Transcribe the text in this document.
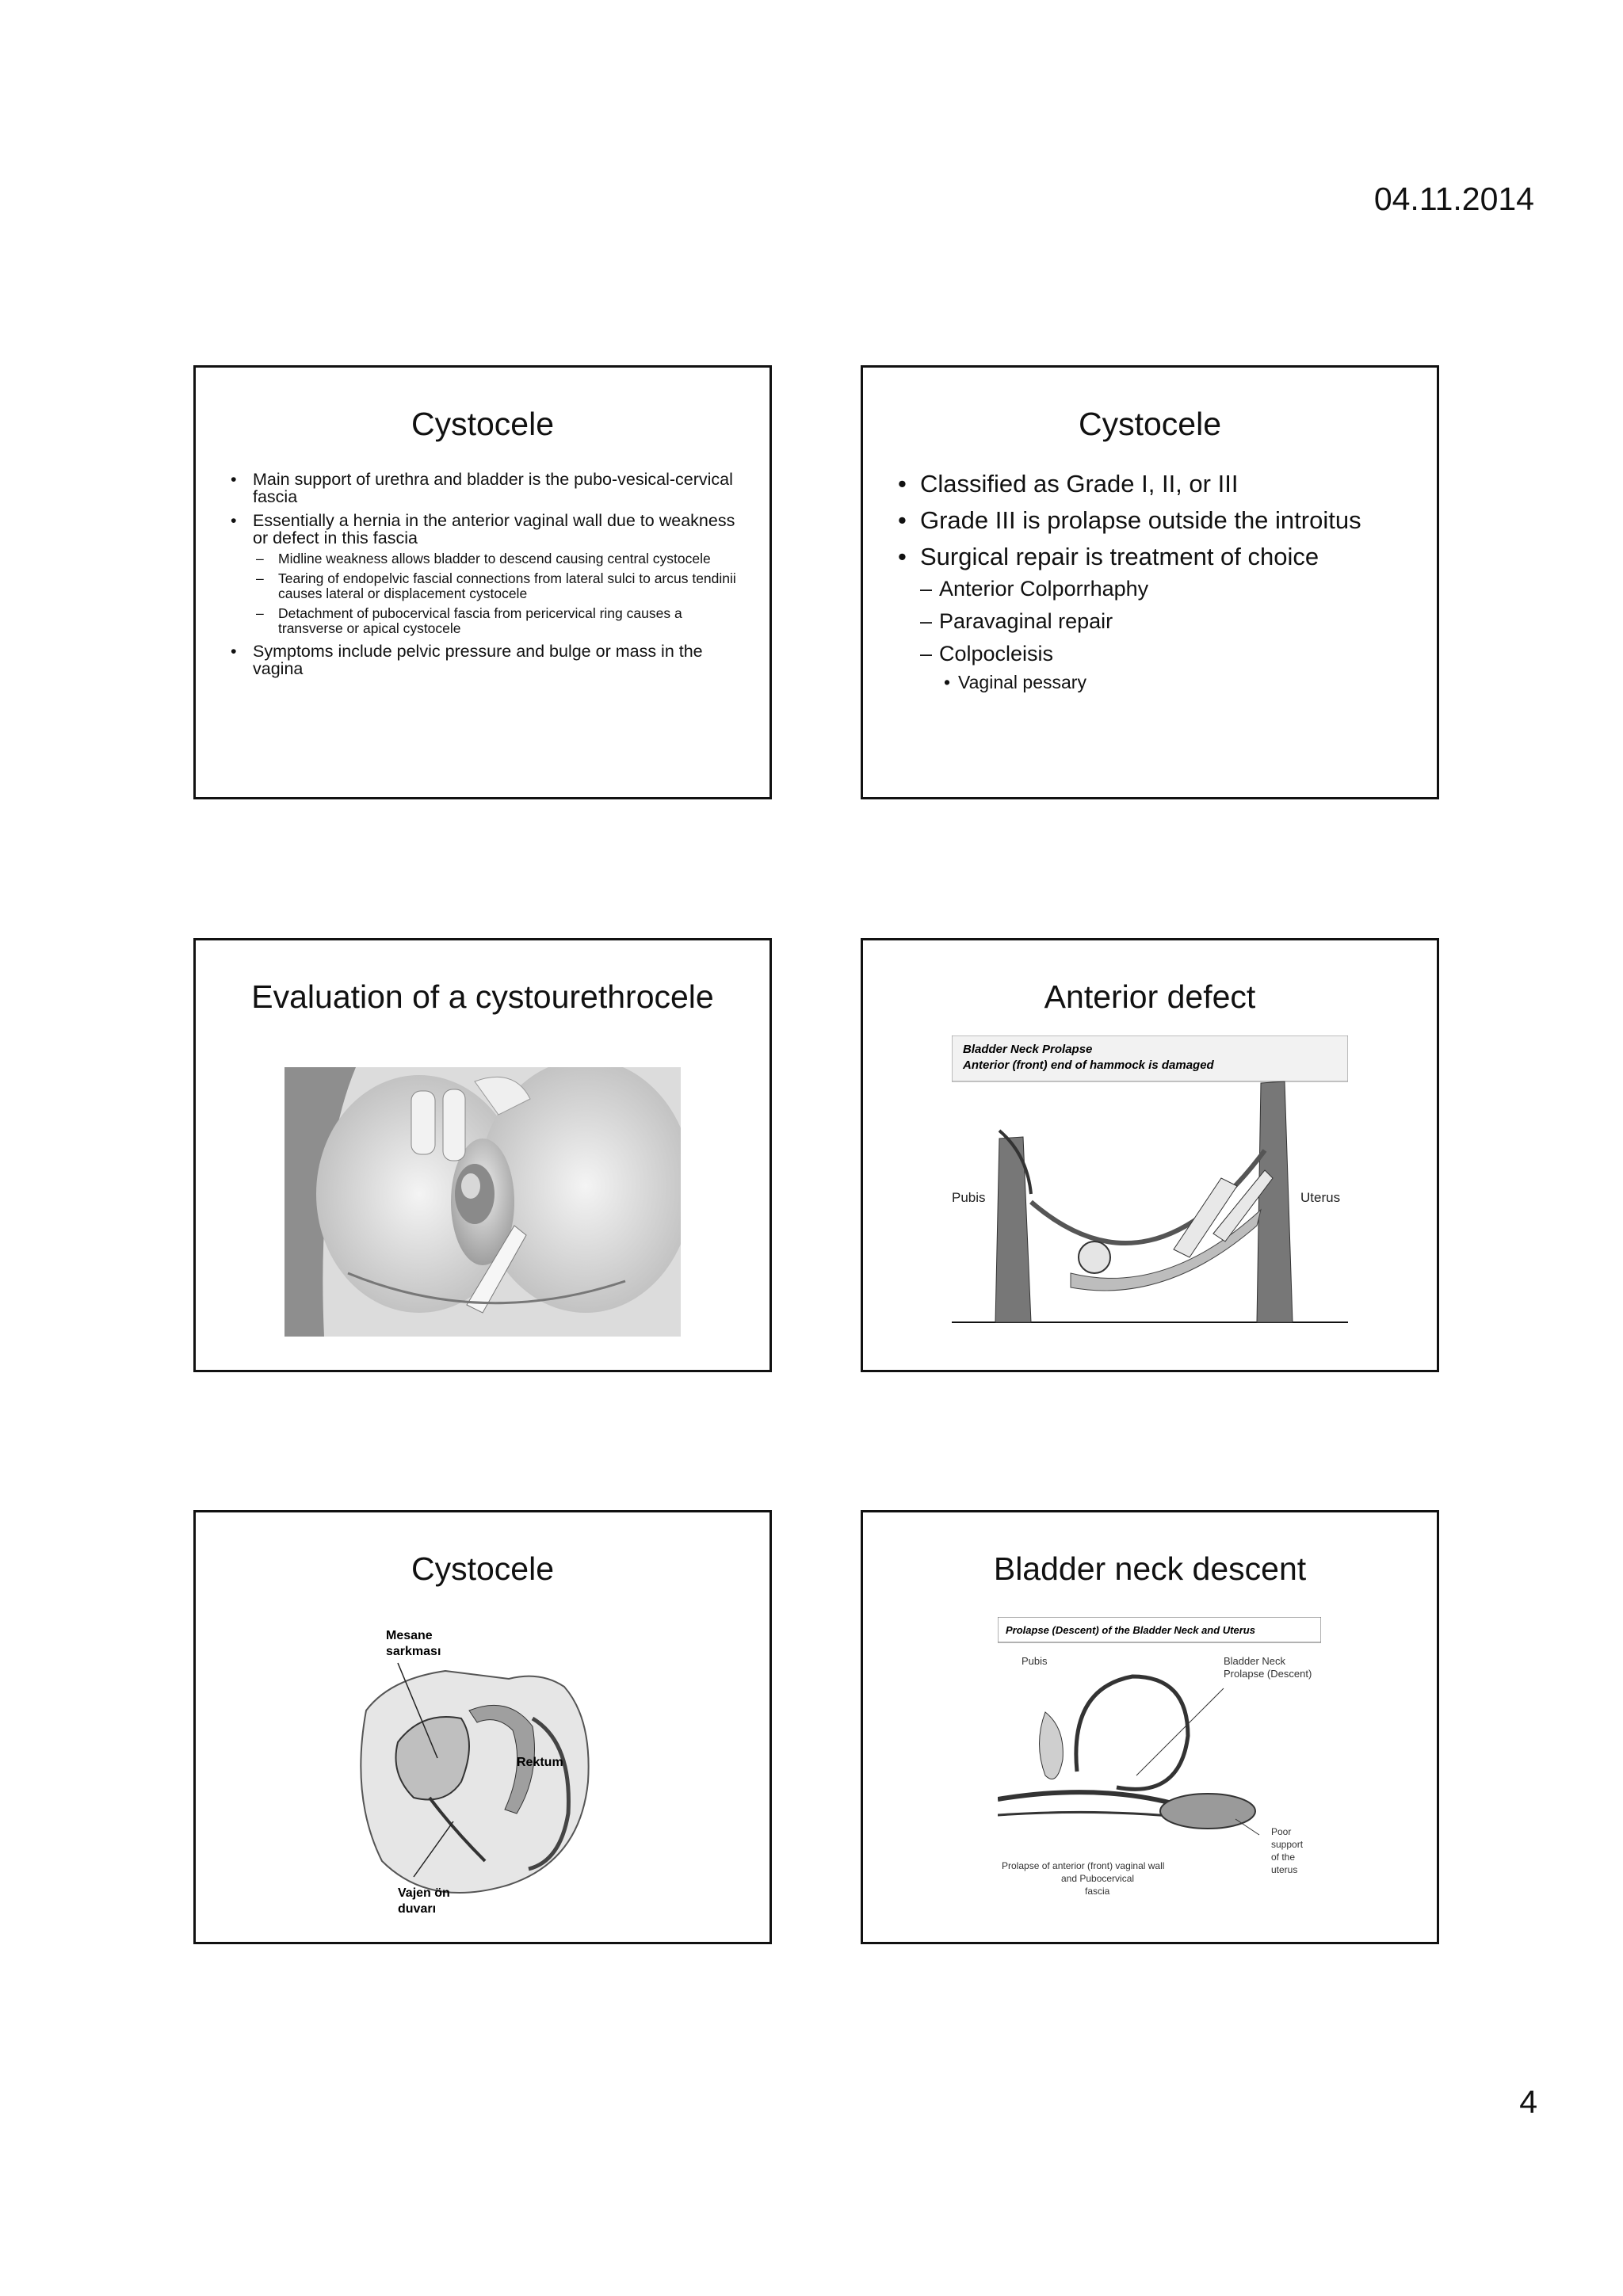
04.11.2014
Cystocele
• Main support of urethra and bladder is the pubo-vesical-cervical fascia
• Essentially a hernia in the anterior vaginal wall due to weakness or defect in this fascia
– Midline weakness allows bladder to descend causing central cystocele
– Tearing of endopelvic fascial connections from lateral sulci to arcus tendinii causes lateral or displacement cystocele
– Detachment of pubocervical fascia from pericervical ring causes a transverse or apical cystocele
• Symptoms include pelvic pressure and bulge or mass in the vagina
Cystocele
• Classified as Grade I, II, or III
• Grade III is prolapse outside the introitus
• Surgical repair is treatment of choice
– Anterior Colporrhaphy
– Paravaginal repair
– Colpocleisis
• Vaginal pessary
Evaluation of a cystourethrocele	Anterior defect
Bladder Neck Prolapse
Anterior (front) end of hammock is damaged
Pubis	Uterus
Cystocele
Mesane
sarkması
Rektum
Vajen ön
duvarı
Bladder neck descent
Prolapse (Descent) of the Bladder Neck and Uterus
Pubis	Bladder Neck
Prolapse (Descent)
Poor
support
of the
uterus
Prolapse of anterior (front) vaginal wall
and Pubocervical
fascia
4
